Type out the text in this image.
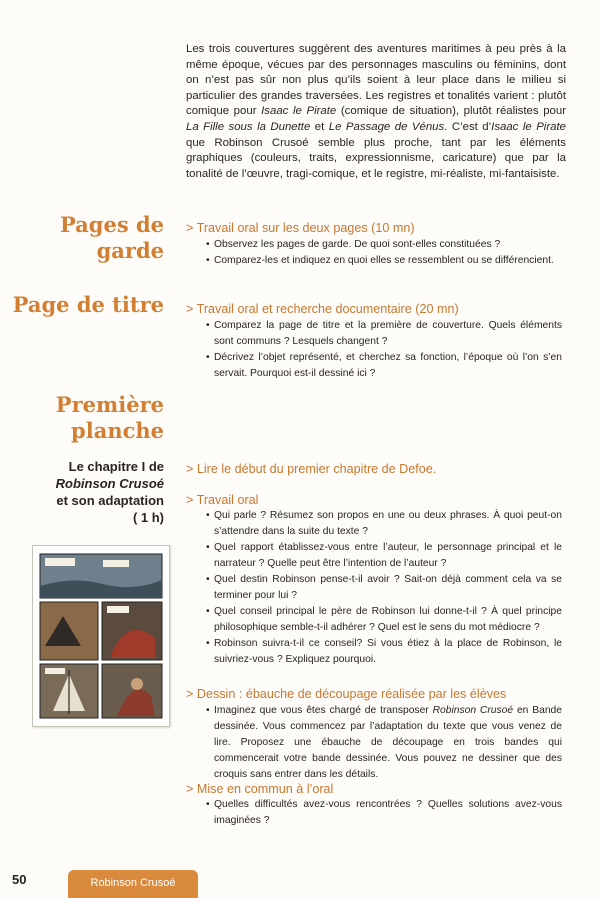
Les trois couvertures suggèrent des aventures maritimes à peu près à la même époque, vécues par des personnages masculins ou féminins, dont on n’est pas sûr non plus qu’ils soient à leur place dans le milieu si particulier des grandes traversées. Les registres et tonalités varient : plutôt comique pour Isaac le Pirate (comique de situation), plutôt réalistes pour La Fille sous la Dunette et Le Passage de Vénus. C’est d’Isaac le Pirate que Robinson Crusoé semble plus proche, tant par les éléments graphiques (couleurs, traits, expressionnisme, caricature) que par la tonalité de l’œuvre, tragi-comique, et le registre, mi-réaliste, mi-fantaisiste.

Pages de
garde

> Travail oral sur les deux pages (10 mn)

• Observez les pages de garde. De quoi sont-elles constituées ?
• Comparez-les et indiquez en quoi elles se ressemblent ou se différencient.
Page de titre > Travail oral et recherche documentaire (20 mn)

• Comparez la page de titre et la première de couverture. Quels éléments sont communs ? Lesquels changent ?
• Décrivez l’objet représenté, et cherchez sa fonction, l’époque où l’on s’en servait. Pourquoi est-il dessiné ici ?
Première
planche

Le chapitre I de
Robinson Crusoé
et son adaptation
( 1 h)

> Lire le début du premier chapitre de Defoe.

> Travail oral

• Qui parle ? Résumez son propos en une ou deux phrases. À quoi peut-on s’attendre dans la suite du texte ?
• Quel rapport établissez-vous entre l’auteur, le personnage principal et le narrateur ? Quelle peut être l’intention de l’auteur ?
• Quel destin Robinson pense-t-il avoir ? Sait-on déjà comment cela va se terminer pour lui ?
• Quel conseil principal le père de Robinson lui donne-t-il ? À quel principe philosophique semble-t-il adhérer ? Quel est le sens du mot médiocre ?
• Robinson suivra-t-il ce conseil? Si vous étiez à la place de Robinson, le suivriez-vous ? Expliquez pourquoi.

> Dessin : ébauche de découpage réalisée par les élèves

• Imaginez que vous êtes chargé de transposer Robinson Crusoé en Bande dessinée. Vous commencez par l’adaptation du texte que vous venez de lire. Proposez une ébauche de découpage en trois bandes qui commencerait votre bande dessinée. Vous pouvez ne dessiner que des croquis sans entrer dans les détails.

> Mise en commun à l’oral

• Quelles difficultés avez-vous rencontrées ? Quelles solutions avez-vous imaginées ?
50	Robinson Crusoé
